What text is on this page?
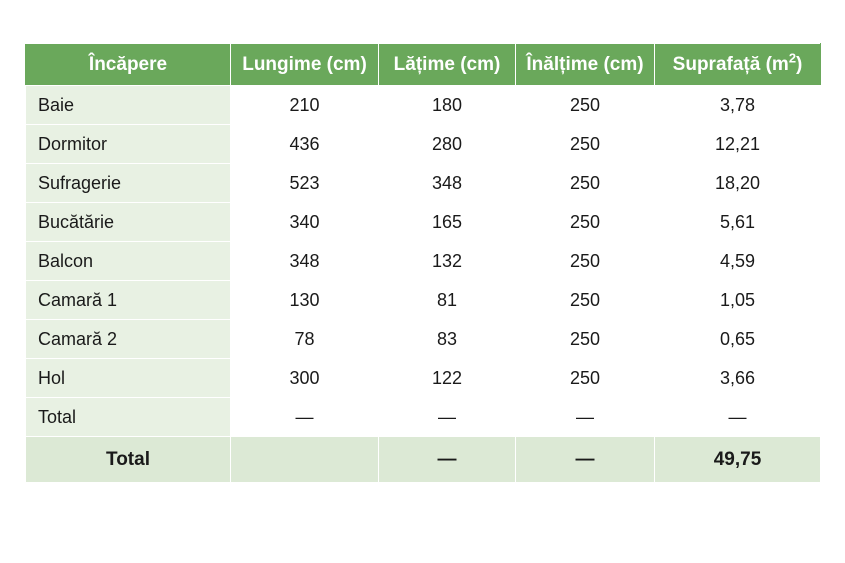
Încăpere	Lungime (cm)	Lățime (cm)	Înălțime (cm)	Suprafață $(m^2)$
Baie	210	180	250	3,78
Dormitor	436	280	250	12,21
Sufragerie	523	348	250	18,20
Bucătărie	340	165	250	5,61
Balcon	348	132	250	4,59
Camară 1	130	81	250	1,05
Camară 2	78	83	250	0,65
Hol	300	122	250	3,66
Total	—	—	—	—
Total		—	—	49,75
